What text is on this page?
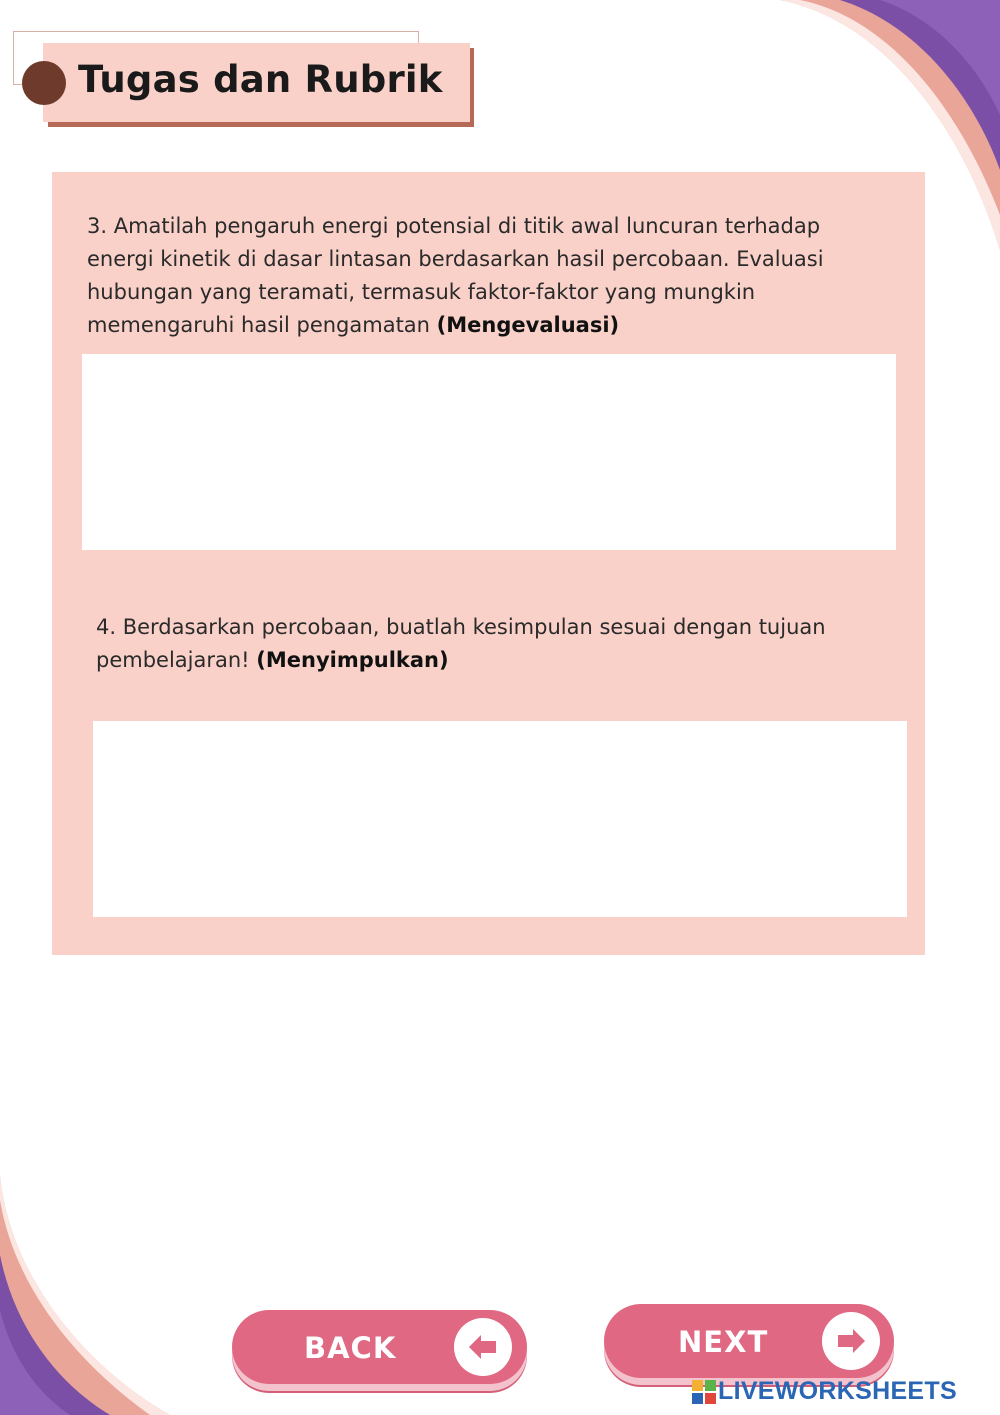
Tugas dan Rubrik
3. Amatilah pengaruh energi potensial di titik awal luncuran terhadap energi kinetik di dasar lintasan berdasarkan hasil percobaan. Evaluasi hubungan yang teramati, termasuk faktor-faktor yang mungkin memengaruhi hasil pengamatan (Mengevaluasi)
4. Berdasarkan percobaan, buatlah kesimpulan sesuai dengan tujuan pembelajaran! (Menyimpulkan)
BACK	NEXT
LIVEWORKSHEETS
